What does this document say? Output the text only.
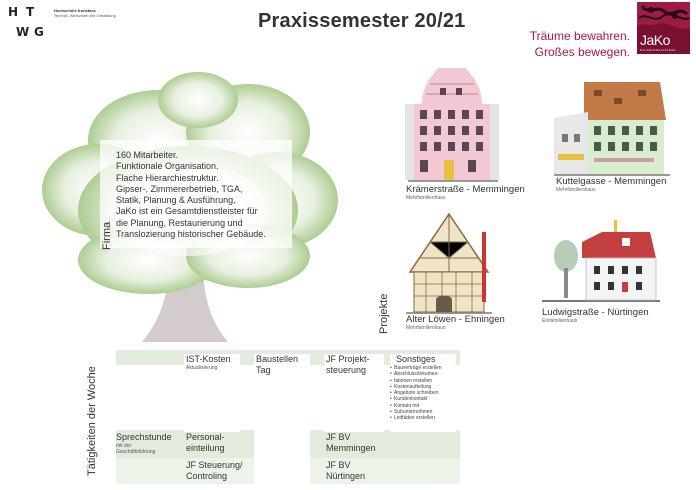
H T
W G
Hochschule Konstanz
Technik, Wirtschaft und Gestaltung	Praxissemester 20/21
Träume bewahren.
Großes bewegen.
JaKo
BAUDENKMALPFLEGE

160 Mitarbeiter.

Funktionale Organisation.

Flache Hierarchiestruktur.

Gipser-, Zimmererbetrieb, TGA,

Statik, Planung & Ausführung.

JaKo ist ein Gesamtdienstleister für

die Planung, Restaurierung und

Translozierung historischer Gebäude.

Firma
Krämerstraße - Memmingen
Mehrfamilienhaus
Kuttelgasse - Memmingen
Mehrfamilienhaus
Alter Löwen - Ehningen
Mehrfamilienhaus
Ludwigstraße - Nürtingen
Einfamilienhaus
Projekte
Tätigkeiten der Woche
IST-Kosten
Aktualisierung
Baustellen
Tag
JF Projekt-
steuerung
Sonstiges
• Bauverträge erstellen
• Abschlussdokumen-
• tationen erstellen
• Kostenaufteilung
• Angebote schreiben
• Kundenkontakt
• Kontakt mit
• Subunternehmen
• Leitfäden erstellen
Sprechstunde
mit der
Geschäftsführung
Personal-
einteilung
JF BV
Memmingen
JF Steuerung/
Controling
JF BV
Nürtingen
